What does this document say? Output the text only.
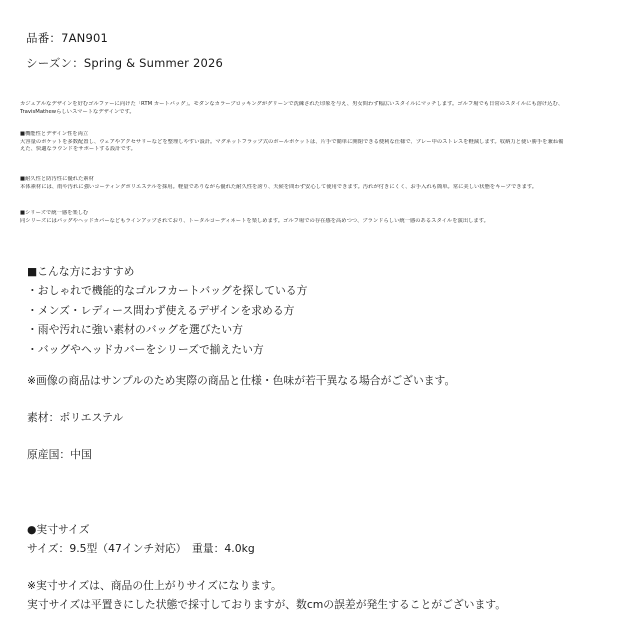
品番：7AN901
シーズン：Spring & Summer 2026

カジュアルなデザインを好むゴルファーに向けた「RTM カートバッグ」。モダンなカラーブロッキングがグリーンで洗練された印象を与え、男女問わず幅広いスタイルにマッチします。ゴルフ場でも日常のスタイルにも溶け込む、

TravisMathewらしいスマートなデザインです。

■機能性とデザイン性を両立

大容量のポケットを多数配置し、ウェアやアクセサリーなどを整理しやすい設計。マグネットフラップ式のボールポケットは、片手で簡単に開閉できる便利な仕様で、プレー中のストレスを軽減します。収納力と使い勝手を兼ね備

えた、快適なラウンドをサポートする設計です。

■耐久性と防汚性に優れた素材

本体素材には、雨や汚れに強いコーティングポリエステルを採用。軽量でありながら優れた耐久性を誇り、天候を問わず安心して使用できます。汚れが付きにくく、お手入れも簡単。常に美しい状態をキープできます。

■シリーズで統一感を楽しむ

同シリーズにはバッグやヘッドカバーなどもラインアップされており、トータルコーディネートを楽しめます。ゴルフ場での存在感を高めつつ、ブランドらしい統一感のあるスタイルを演出します。

■こんな方におすすめ

・おしゃれで機能的なゴルフカートバッグを探している方

・メンズ・レディース問わず使えるデザインを求める方

・雨や汚れに強い素材のバッグを選びたい方

・バッグやヘッドカバーをシリーズで揃えたい方

※画像の商品はサンプルのため実際の商品と仕様・色味が若干異なる場合がございます。
素材：ポリエステル
原産国：中国
●実寸サイズ
サイズ：9.5型（47インチ対応）　重量：4.0kg
※実寸サイズは、商品の仕上がりサイズになります。
実寸サイズは平置きにした状態で採寸しておりますが、数cmの誤差が発生することがございます。
